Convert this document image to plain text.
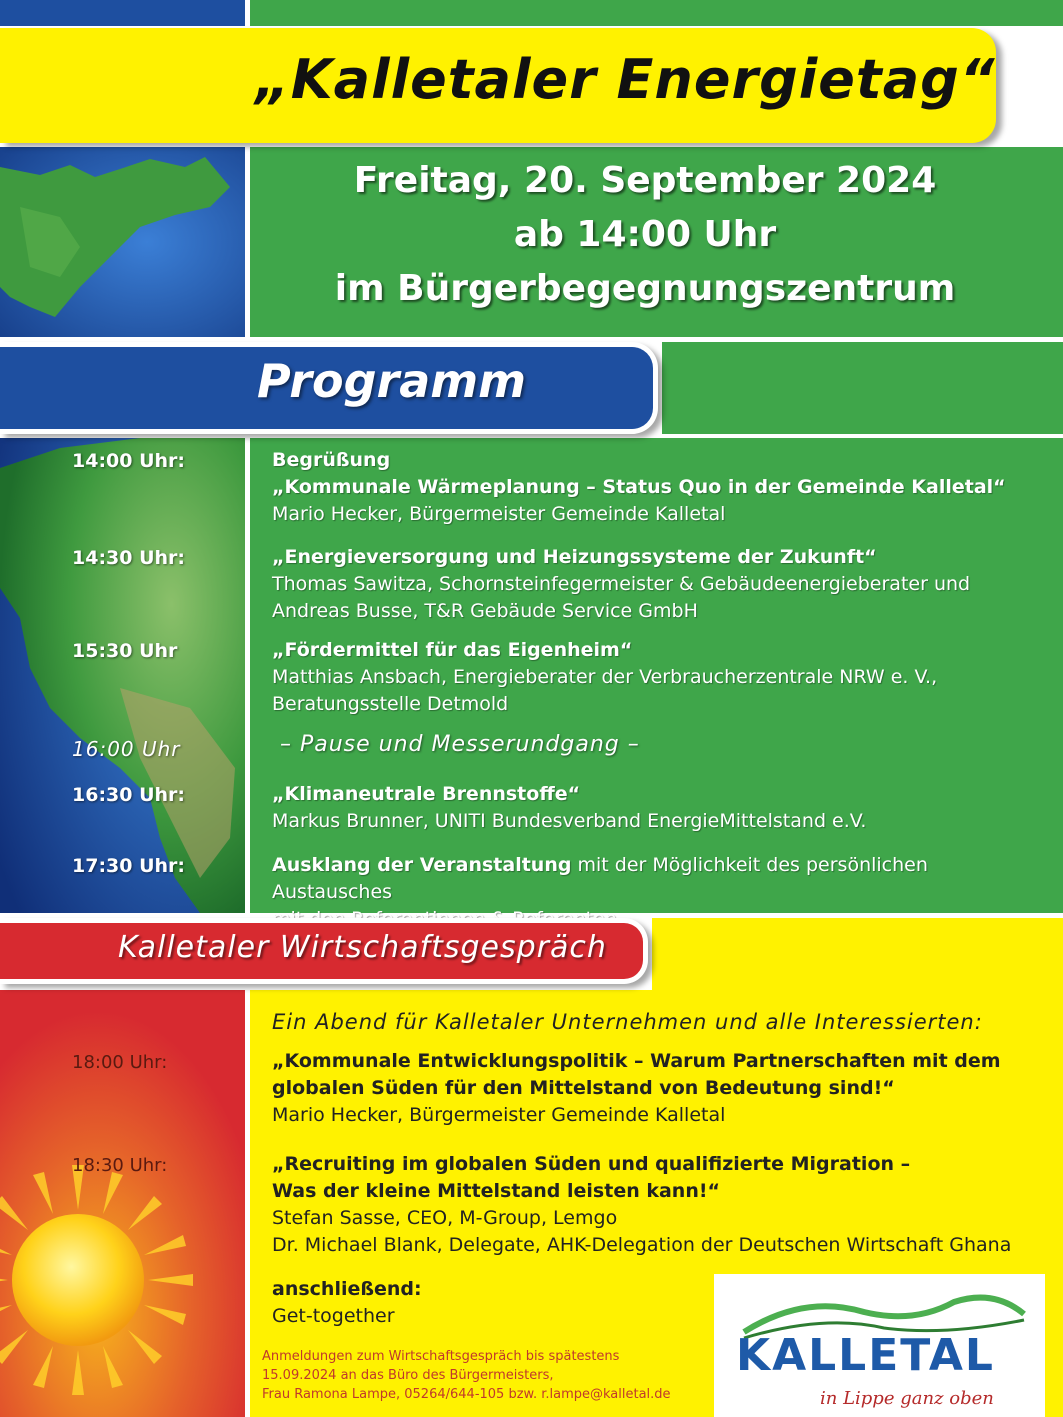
„Kalletaler Energietag“
Freitag, 20. September 2024
ab 14:00 Uhr
im Bürgerbegegnungszentrum
Programm
14:00 Uhr:	Begrüßung
„Kommunale Wärmeplanung – Status Quo in der Gemeinde Kalletal“
Mario Hecker, Bürgermeister Gemeinde Kalletal
14:30 Uhr:	„Energieversorgung und Heizungssysteme der Zukunft“
Thomas Sawitza, Schornsteinfegermeister & Gebäudeenergieberater und
Andreas Busse, T&R Gebäude Service GmbH
15:30 Uhr	„Fördermittel für das Eigenheim“
Matthias Ansbach, Energieberater der Verbraucherzentrale NRW e. V.,
Beratungsstelle Detmold
16:00 Uhr	– Pause und Messerundgang –
16:30 Uhr:	„Klimaneutrale Brennstoffe“
Markus Brunner, UNITI Bundesverband EnergieMittelstand e.V.
17:30 Uhr:	Ausklang der Veranstaltung mit der Möglichkeit des persönlichen Austausches
Kalletaler Wirtschaftsgespräch
Ein Abend für Kalletaler Unternehmen und alle Interessierten:
18:00 Uhr:	„Kommunale Entwicklungspolitik – Warum Partnerschaften mit dem
globalen Süden für den Mittelstand von Bedeutung sind!“
Mario Hecker, Bürgermeister Gemeinde Kalletal
18:30 Uhr:	„Recruiting im globalen Süden und qualifizierte Migration –
Was der kleine Mittelstand leisten kann!“
Stefan Sasse, CEO, M-Group, Lemgo
Dr. Michael Blank, Delegate, AHK-Delegation der Deutschen Wirtschaft Ghana
anschließend:
Get-together
Anmeldungen zum Wirtschaftsgespräch bis spätestens
15.09.2024 an das Büro des Bürgermeisters,
Frau Ramona Lampe, 05264/644-105 bzw. r.lampe@kalletal.de
KALLETAL
in Lippe ganz oben
